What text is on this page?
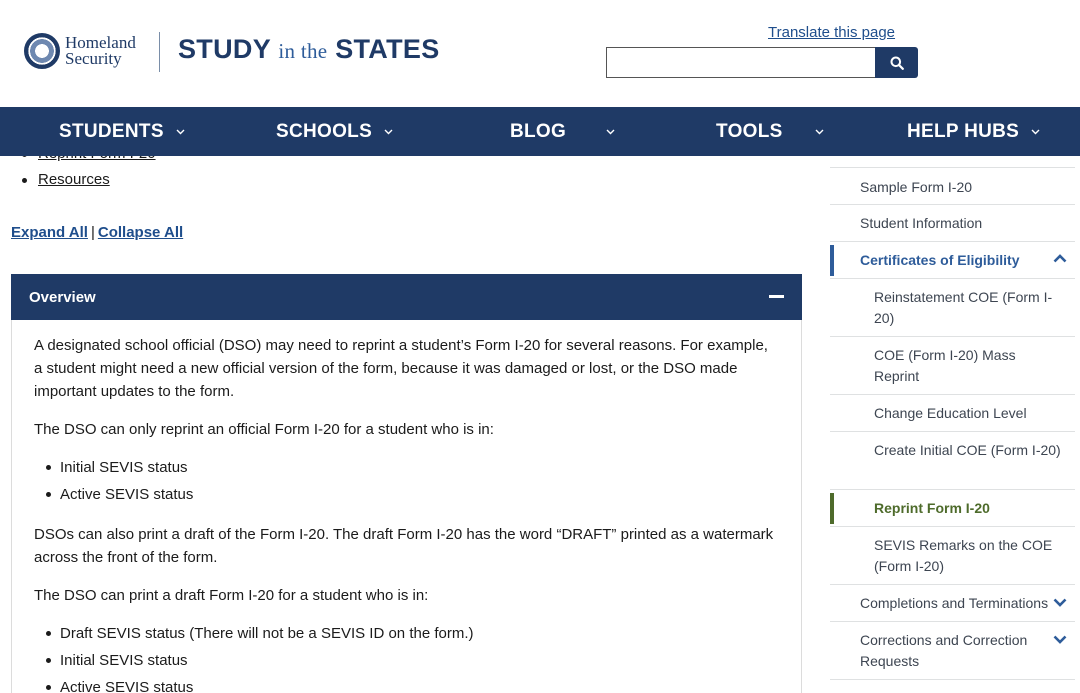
Homeland
Security	STUDY in the STATES
Translate this page
Resources
Expand All | Collapse All
Overview

A designated school official (DSO) may need to reprint a student’s Form I-20 for several reasons. For example, a student might need a new official version of the form, because it was damaged or lost, or the DSO made important updates to the form.

The DSO can only reprint an official Form I-20 for a student who is in:

Initial SEVIS status
Active SEVIS status

DSOs can also print a draft of the Form I-20. The draft Form I-20 has the word “DRAFT” printed as a watermark across the front of the form.

The DSO can print a draft Form I-20 for a student who is in:

Draft SEVIS status (There will not be a SEVIS ID on the form.)
Initial SEVIS status
Active SEVIS status
Sample Form I-20
Student Information
Certificates of Eligibility
Reinstatement COE (Form I-20)
COE (Form I-20) Mass Reprint
Change Education Level
Create Initial COE (Form I-20)
Reprint Form I-20
SEVIS Remarks on the COE (Form I-20)
Completions and Terminations
Corrections and Correction Requests
STUDENTS	SCHOOLS	BLOG	TOOLS	HELP HUBS
